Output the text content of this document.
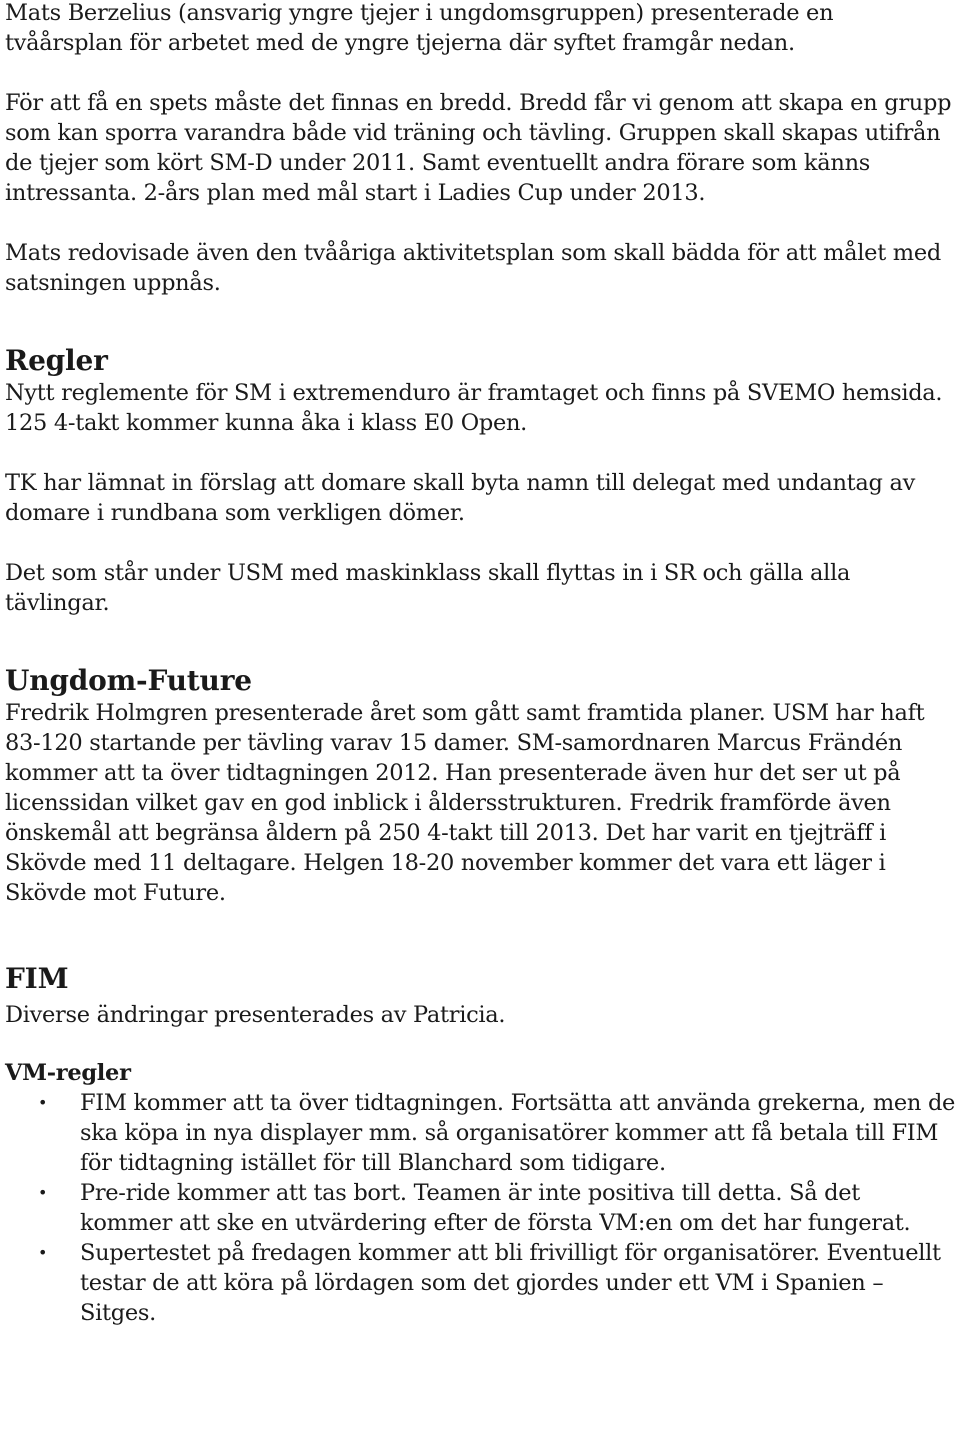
Mats Berzelius (ansvarig yngre tjejer i ungdomsgruppen) presenterade en tvåårsplan för arbetet med de yngre tjejerna där syftet framgår nedan.

För att få en spets måste det finnas en bredd. Bredd får vi genom att skapa en grupp som kan sporra varandra både vid träning och tävling. Gruppen skall skapas utifrån de tjejer som kört SM-D under 2011. Samt eventuellt andra förare som känns intressanta. 2-års plan med mål start i Ladies Cup under 2013.

Mats redovisade även den tvååriga aktivitetsplan som skall bädda för att målet med satsningen uppnås.

Regler

Nytt reglemente för SM i extremenduro är framtaget och finns på SVEMO hemsida. 125 4-takt kommer kunna åka i klass E0 Open.

TK har lämnat in förslag att domare skall byta namn till delegat med undantag av domare i rundbana som verkligen dömer.

Det som står under USM med maskinklass skall flyttas in i SR och gälla alla tävlingar.

Ungdom-Future

Fredrik Holmgren presenterade året som gått samt framtida planer. USM har haft 83-120 startande per tävling varav 15 damer. SM-samordnaren Marcus Frändén kommer att ta över tidtagningen 2012. Han presenterade även hur det ser ut på licenssidan vilket gav en god inblick i åldersstrukturen. Fredrik framförde även önskemål att begränsa åldern på 250 4-takt till 2013. Det har varit en tjejträff i Skövde med 11 deltagare. Helgen 18-20 november kommer det vara ett läger i Skövde mot Future.

FIM

Diverse ändringar presenterades av Patricia.

VM-regler
• FIM kommer att ta över tidtagningen. Fortsätta att använda grekerna, men de ska köpa in nya displayer mm. så organisatörer kommer att få betala till FIM för tidtagning istället för till Blanchard som tidigare.
• Pre-ride kommer att tas bort. Teamen är inte positiva till detta. Så det kommer att ske en utvärdering efter de första VM:en om det har fungerat.
• Supertestet på fredagen kommer att bli frivilligt för organisatörer. Eventuellt testar de att köra på lördagen som det gjordes under ett VM i Spanien – Sitges.
